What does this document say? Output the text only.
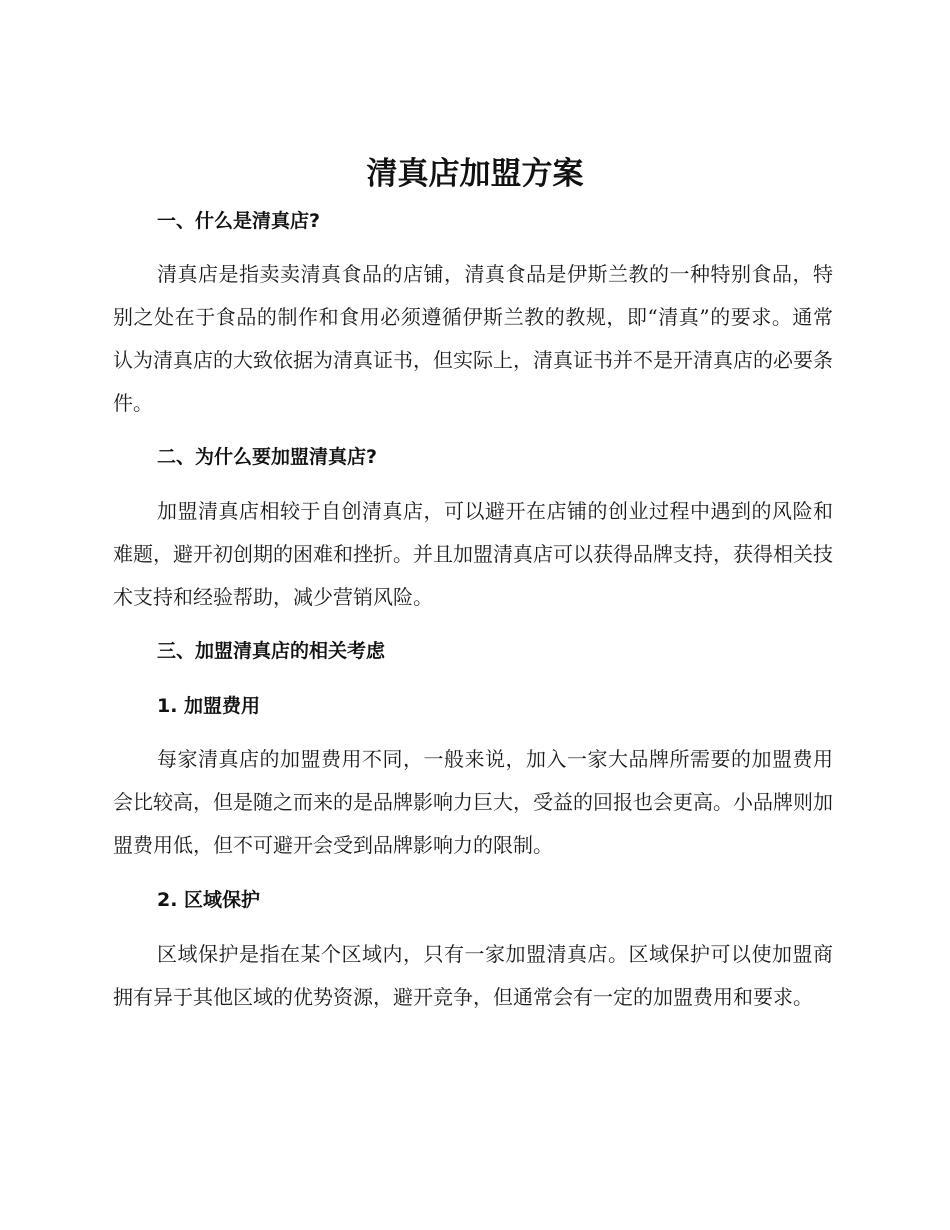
清真店加盟方案
一、什么是清真店?

清真店是指卖卖清真食品的店铺，清真食品是伊斯兰教的一种特别食品，特别之处在于食品的制作和食用必须遵循伊斯兰教的教规，即“清真”的要求。通常认为清真店的大致依据为清真证书，但实际上，清真证书并不是开清真店的必要条件。

二、为什么要加盟清真店?

加盟清真店相较于自创清真店，可以避开在店铺的创业过程中遇到的风险和难题，避开初创期的困难和挫折。并且加盟清真店可以获得品牌支持，获得相关技术支持和经验帮助，减少营销风险。

三、加盟清真店的相关考虑
1. 加盟费用

每家清真店的加盟费用不同，一般来说，加入一家大品牌所需要的加盟费用会比较高，但是随之而来的是品牌影响力巨大，受益的回报也会更高。小品牌则加盟费用低，但不可避开会受到品牌影响力的限制。

2. 区域保护

区域保护是指在某个区域内，只有一家加盟清真店。区域保护可以使加盟商拥有异于其他区域的优势资源，避开竞争，但通常会有一定的加盟费用和要求。
